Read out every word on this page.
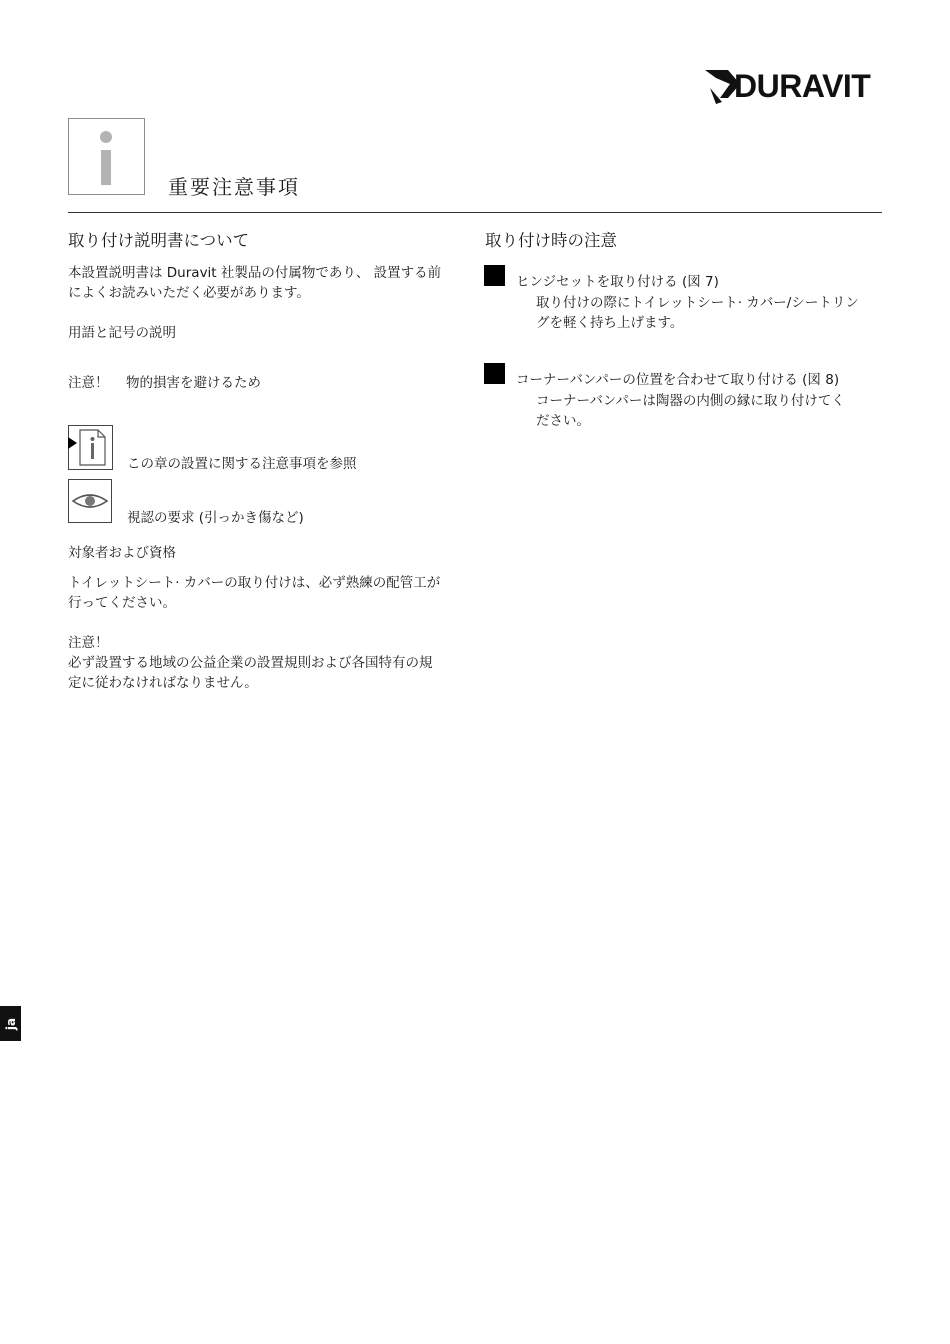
DURAVIT
重要注意事項
取り付け説明書について
本設置説明書は Duravit 社製品の付属物であり、 設置する前
によくお読みいただく必要があります。
用語と記号の説明
注意！ 物的損害を避けるため
この章の設置に関する注意事項を参照
視認の要求 (引っかき傷など)
対象者および資格
トイレットシート· カバーの取り付けは、必ず熟練の配管工が
行ってください。
注意！
必ず設置する地域の公益企業の設置規則および各国特有の規
定に従わなければなりません。
取り付け時の注意
ヒンジセットを取り付ける (図 7)
取り付けの際にトイレットシート· カバー/シートリン
グを軽く持ち上げます。
コーナーバンパーの位置を合わせて取り付ける (図 8)
コーナーバンパーは陶器の内側の縁に取り付けてく
ださい。
ja
